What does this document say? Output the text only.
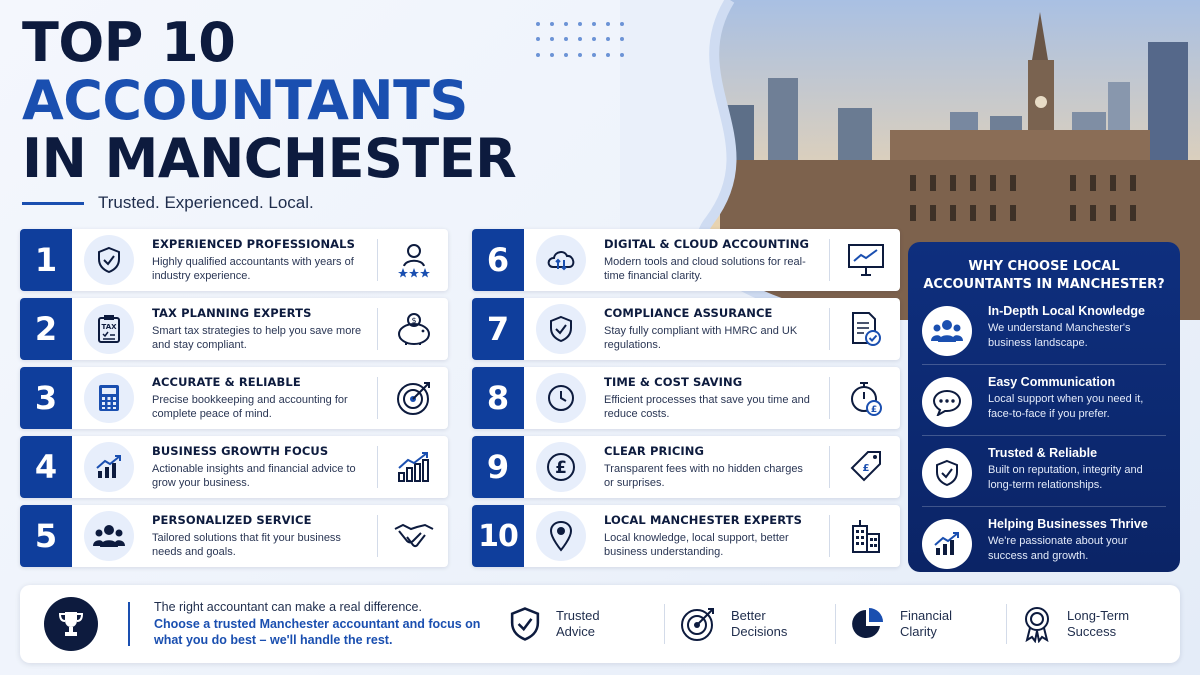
TOP 10
ACCOUNTANTS
IN MANCHESTER
Trusted. Experienced. Local.
1	EXPERIENCED PROFESSIONALS
Highly qualified accountants with years of industry experience.
2	TAX
TAX PLANNING EXPERTS
Smart tax strategies to help you save more and stay compliant.
$
3	ACCURATE & RELIABLE
Precise bookkeeping and accounting for complete peace of mind.
4	BUSINESS GROWTH FOCUS
Actionable insights and financial advice to grow your business.
5	PERSONALIZED SERVICE
Tailored solutions that fit your business needs and goals.
6	DIGITAL & CLOUD ACCOUNTING
Modern tools and cloud solutions for real-time financial clarity.
7	COMPLIANCE ASSURANCE
Stay fully compliant with HMRC and UK regulations.
8	TIME & COST SAVING
Efficient processes that save you time and reduce costs.	£
9	£
CLEAR PRICING
Transparent fees with no hidden charges or surprises.
£
10	LOCAL MANCHESTER EXPERTS
Local knowledge, local support, better business understanding.
WHY CHOOSE LOCAL ACCOUNTANTS IN MANCHESTER?
In-Depth Local Knowledge
We understand Manchester's business landscape.
Easy Communication
Local support when you need it, face-to-face if you prefer.
Trusted & Reliable
Built on reputation, integrity and long-term relationships.
Helping Businesses Thrive
We're passionate about your success and growth.
The right accountant can make a real difference.
Choose a trusted Manchester accountant and focus on what you do best – we'll handle the rest.
Trusted Advice
Better Decisions
Financial Clarity
Long-Term Success
